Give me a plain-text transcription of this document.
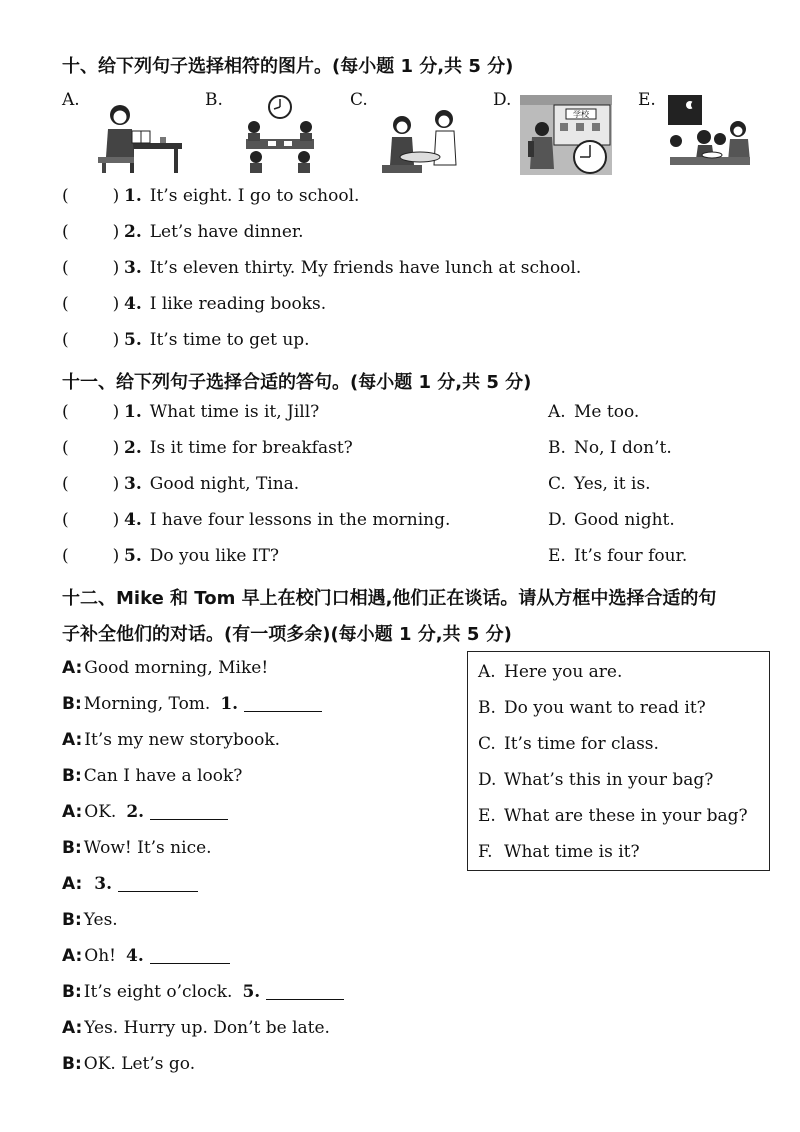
十、给下列句子选择相符的图片。(每小题 1 分,共 5 分)
A.	B.	C.	D.	E.
学校
(	) 1. It’s eight. I go to school.
(	) 2. Let’s have dinner.
(	) 3. It’s eleven thirty. My friends have lunch at school.
(	) 4. I like reading books.
(	) 5. It’s time to get up.
十一、给下列句子选择合适的答句。(每小题 1 分,共 5 分)
(	) 1. What time is it, Jill?	A. Me too.
(	) 2. Is it time for breakfast?	B. No, I don’t.
(	) 3. Good night, Tina.	C. Yes, it is.
(	) 4. I have four lessons in the morning.	D. Good night.
(	) 5. Do you like IT?	E. It’s four four.
十二、Mike 和 Tom 早上在校门口相遇,他们正在谈话。请从方框中选择合适的句
子补全他们的对话。(有一项多余)(每小题 1 分,共 5 分)
A: Good morning, Mike!
B: Morning, Tom. 1.
A: It’s my new storybook.
B: Can I have a look?
A: OK. 2.
B: Wow! It’s nice.
A: 3.
B: Yes.
A: Oh! 4.
B: It’s eight o’clock. 5.
A: Yes. Hurry up. Don’t be late.
B: OK. Let’s go.
A. Here you are.
B. Do you want to read it?
C. It’s time for class.
D. What’s this in your bag?
E. What are these in your bag?
F. What time is it?
